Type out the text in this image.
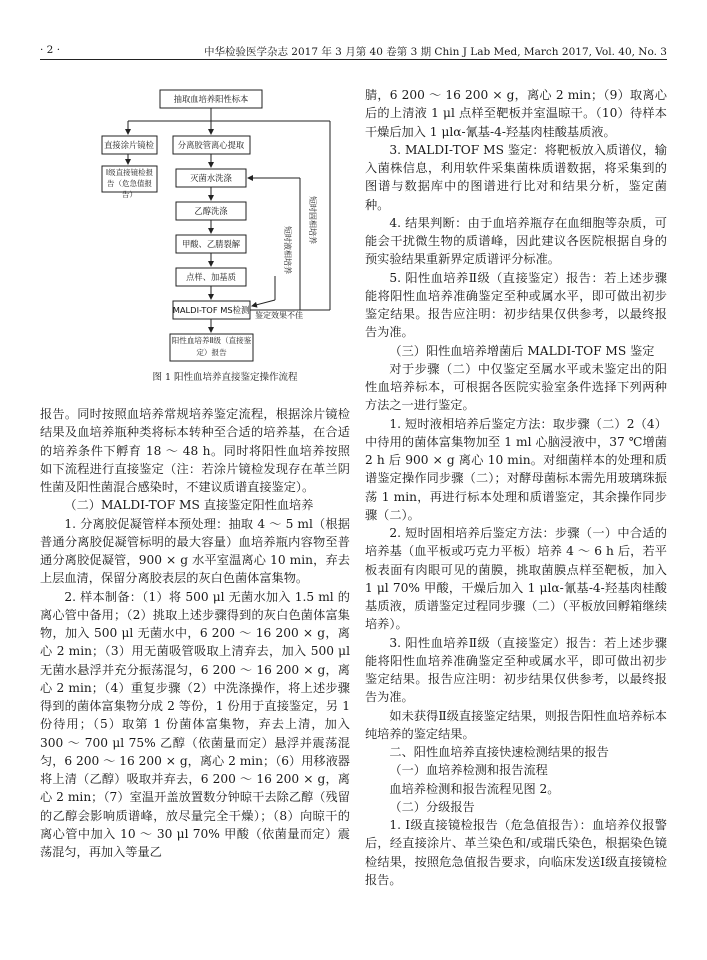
· 2 ·	中华检验医学杂志 2017 年 3 月第 40 卷第 3 期 Chin J Lab Med, March 2017, Vol. 40, No. 3
抽取血培养阳性标本
直接涂片镜检
Ⅰ级直接镜检报告（危急值报告）
分离胶管离心提取
灭菌水洗涤
乙醇洗涤
甲酸、乙腈裂解
点样、加基质
MALDI-TOF MS检测
阳性血培养Ⅱ级（直接鉴定）报告
鉴定效果不佳
短时固相培养
短时液相培养
图 1 阳性血培养直接鉴定操作流程

报告。同时按照血培养常规培养鉴定流程，根据涂片镜检结果及血培养瓶种类将标本转种至合适的培养基，在合适的培养条件下孵育 18 ～ 48 h。同时将阳性血培养按照如下流程进行直接鉴定（注：若涂片镜检发现存在革兰阴性菌及阳性菌混合感染时，不建议质谱直接鉴定）。

（二）MALDI-TOF MS 直接鉴定阳性血培养

1. 分离胶促凝管样本预处理：抽取 4 ～ 5 ml（根据普通分离胶促凝管标明的最大容量）血培养瓶内容物至普通分离胶促凝管，900 × g 水平室温离心 10 min，弃去上层血清，保留分离胶表层的灰白色菌体富集物。

2. 样本制备：（1）将 500 μl 无菌水加入 1.5 ml 的离心管中备用；（2）挑取上述步骤得到的灰白色菌体富集物，加入 500 μl 无菌水中，6 200 ～ 16 200 × g，离心 2 min；（3）用无菌吸管吸取上清弃去，加入 500 μl 无菌水悬浮并充分振荡混匀，6 200 ～ 16 200 × g，离心 2 min；（4）重复步骤（2）中洗涤操作，将上述步骤得到的菌体富集物分成 2 等份，1 份用于直接鉴定，另 1 份待用；（5）取第 1 份菌体富集物，弃去上清，加入 300 ～ 700 μl 75% 乙醇（依菌量而定）悬浮并震荡混匀，6 200 ～ 16 200 × g，离心 2 min；（6）用移液器将上清（乙醇）吸取并弃去，6 200 ～ 16 200 × g，离心 2 min；（7）室温开盖放置数分钟晾干去除乙醇（残留的乙醇会影响质谱峰，放尽量完全干燥）；（8）向晾干的离心管中加入 10 ～ 30 μl 70% 甲酸（依菌量而定）震荡混匀，再加入等量乙

腈，6 200 ～ 16 200 × g，离心 2 min；（9）取离心后的上清液 1 μl 点样至靶板并室温晾干。（10）待样本干燥后加入 1 μlα-氰基-4-羟基肉桂酸基质液。

3. MALDI-TOF MS 鉴定：将靶板放入质谱仪，输入菌株信息，利用软件采集菌株质谱数据，将采集到的图谱与数据库中的图谱进行比对和结果分析，鉴定菌种。

4. 结果判断：由于血培养瓶存在血细胞等杂质，可能会干扰微生物的质谱峰，因此建议各医院根据自身的预实验结果重新界定质谱评分标准。

5. 阳性血培养Ⅱ级（直接鉴定）报告：若上述步骤能将阳性血培养准确鉴定至种或属水平，即可做出初步鉴定结果。报告应注明：初步结果仅供参考，以最终报告为准。

（三）阳性血培养增菌后 MALDI-TOF MS 鉴定

对于步骤（二）中仅鉴定至属水平或未鉴定出的阳性血培养标本，可根据各医院实验室条件选择下列两种方法之一进行鉴定。

1. 短时液相培养后鉴定方法：取步骤（二）2（4）中待用的菌体富集物加至 1 ml 心脑浸液中，37 ℃增菌 2 h 后 900 × g 离心 10 min。对细菌样本的处理和质谱鉴定操作同步骤（二）；对酵母菌标本需先用玻璃珠振荡 1 min，再进行标本处理和质谱鉴定，其余操作同步骤（二）。

2. 短时固相培养后鉴定方法：步骤（一）中合适的培养基（血平板或巧克力平板）培养 4 ～ 6 h 后，若平板表面有肉眼可见的菌膜，挑取菌膜点样至靶板，加入 1 μl 70% 甲酸，干燥后加入 1 μlα-氰基-4-羟基肉桂酸基质液，质谱鉴定过程同步骤（二）（平板放回孵箱继续培养）。

3. 阳性血培养Ⅱ级（直接鉴定）报告：若上述步骤能将阳性血培养准确鉴定至种或属水平，即可做出初步鉴定结果。报告应注明：初步结果仅供参考，以最终报告为准。

如未获得Ⅱ级直接鉴定结果，则报告阳性血培养标本纯培养的鉴定结果。

二、阳性血培养直接快速检测结果的报告

（一）血培养检测和报告流程

血培养检测和报告流程见图 2。

（二）分级报告

1. Ⅰ级直接镜检报告（危急值报告）：血培养仪报警后，经直接涂片、革兰染色和/或瑞氏染色，根据染色镜检结果，按照危急值报告要求，向临床发送Ⅰ级直接镜检报告。
